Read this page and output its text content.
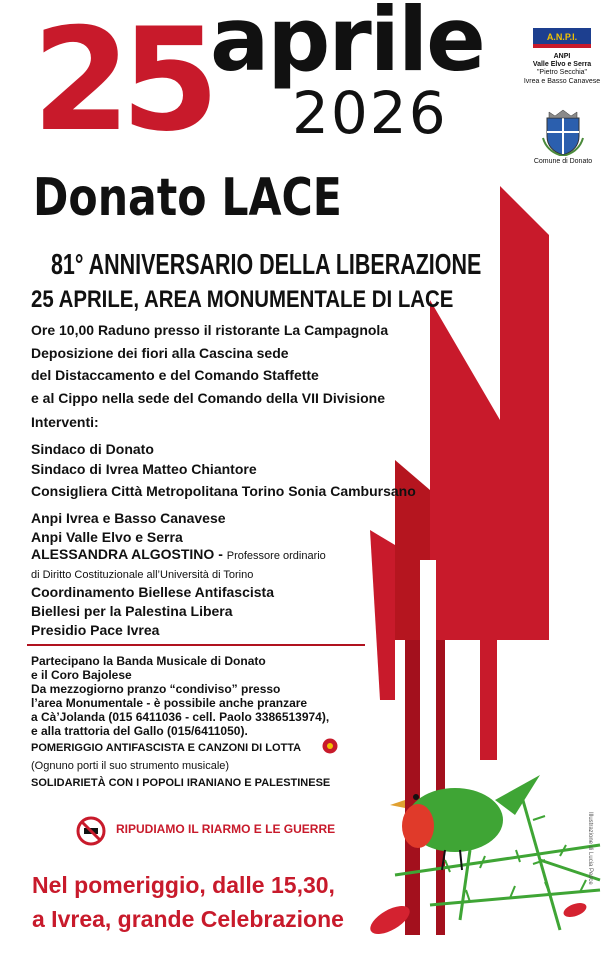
25 aprile
2026
A.N.P.I.
ANPI
Valle Elvo e Serra
"Pietro Secchia"
Ivrea e Basso Canavese
Comune di Donato
Donato LACE
81° ANNIVERSARIO DELLA LIBERAZIONE
25 APRILE, AREA MONUMENTALE DI LACE
Ore 10,00 Raduno presso il ristorante La Campagnola
Deposizione dei fiori alla Cascina sede
del Distaccamento e del Comando Staffette
e al Cippo nella sede del Comando della VII Divisione
Interventi:
Sindaco di Donato
Sindaco di Ivrea Matteo Chiantore
Consigliera Città Metropolitana Torino Sonia Cambursano
Anpi Ivrea e Basso Canavese
Anpi Valle Elvo e Serra
ALESSANDRA ALGOSTINO - Professore ordinario
di Diritto Costituzionale all’Università di Torino
Coordinamento Biellese Antifascista
Biellesi per la Palestina Libera
Presidio Pace Ivrea
Partecipano la Banda Musicale di Donato
e il Coro Bajolese
Da mezzogiorno pranzo “condiviso” presso
l’area Monumentale - è possibile anche pranzare
a Cà’Jolanda (015 6411036 - cell. Paolo 3386513974),
e alla trattoria del Gallo (015/6411050).
POMERIGGIO ANTIFASCISTA E CANZONI DI LOTTA
(Ognuno porti il suo strumento musicale)
SOLIDARIETÀ CON I POPOLI IRANIANO E PALESTINESE
RIPUDIAMO IL RIARMO E LE GUERRE
Nel pomeriggio, dalle 15,30,
a Ivrea, grande Celebrazione
Illustrazione di Lucia Pesce
